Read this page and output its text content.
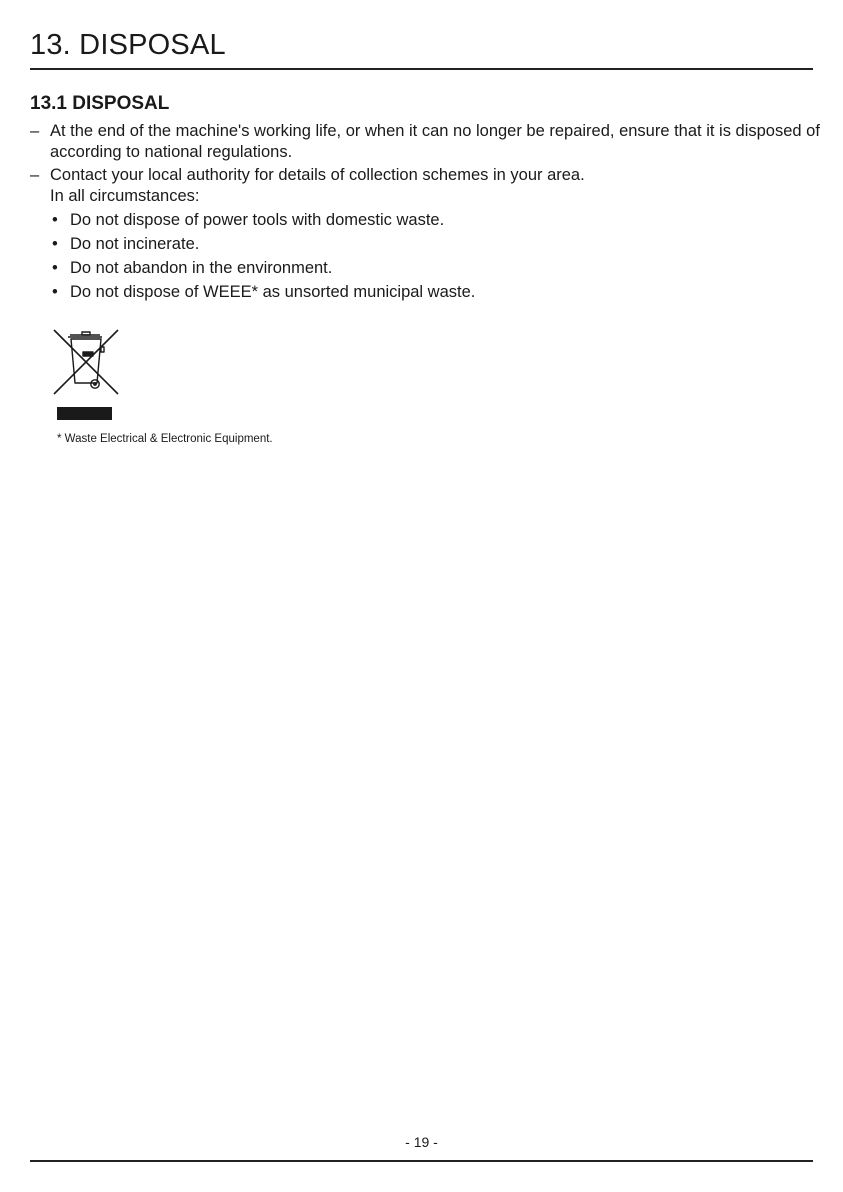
13. DISPOSAL
13.1 DISPOSAL
– At the end of the machine's working life, or when it can no longer be repaired, ensure that it is disposed of according to national regulations.
– Contact your local authority for details of collection schemes in your area.
In all circumstances:
• Do not dispose of power tools with domestic waste.
• Do not incinerate.
• Do not abandon in the environment.
• Do not dispose of WEEE* as unsorted municipal waste.
* Waste Electrical & Electronic Equipment.
- 19 -
